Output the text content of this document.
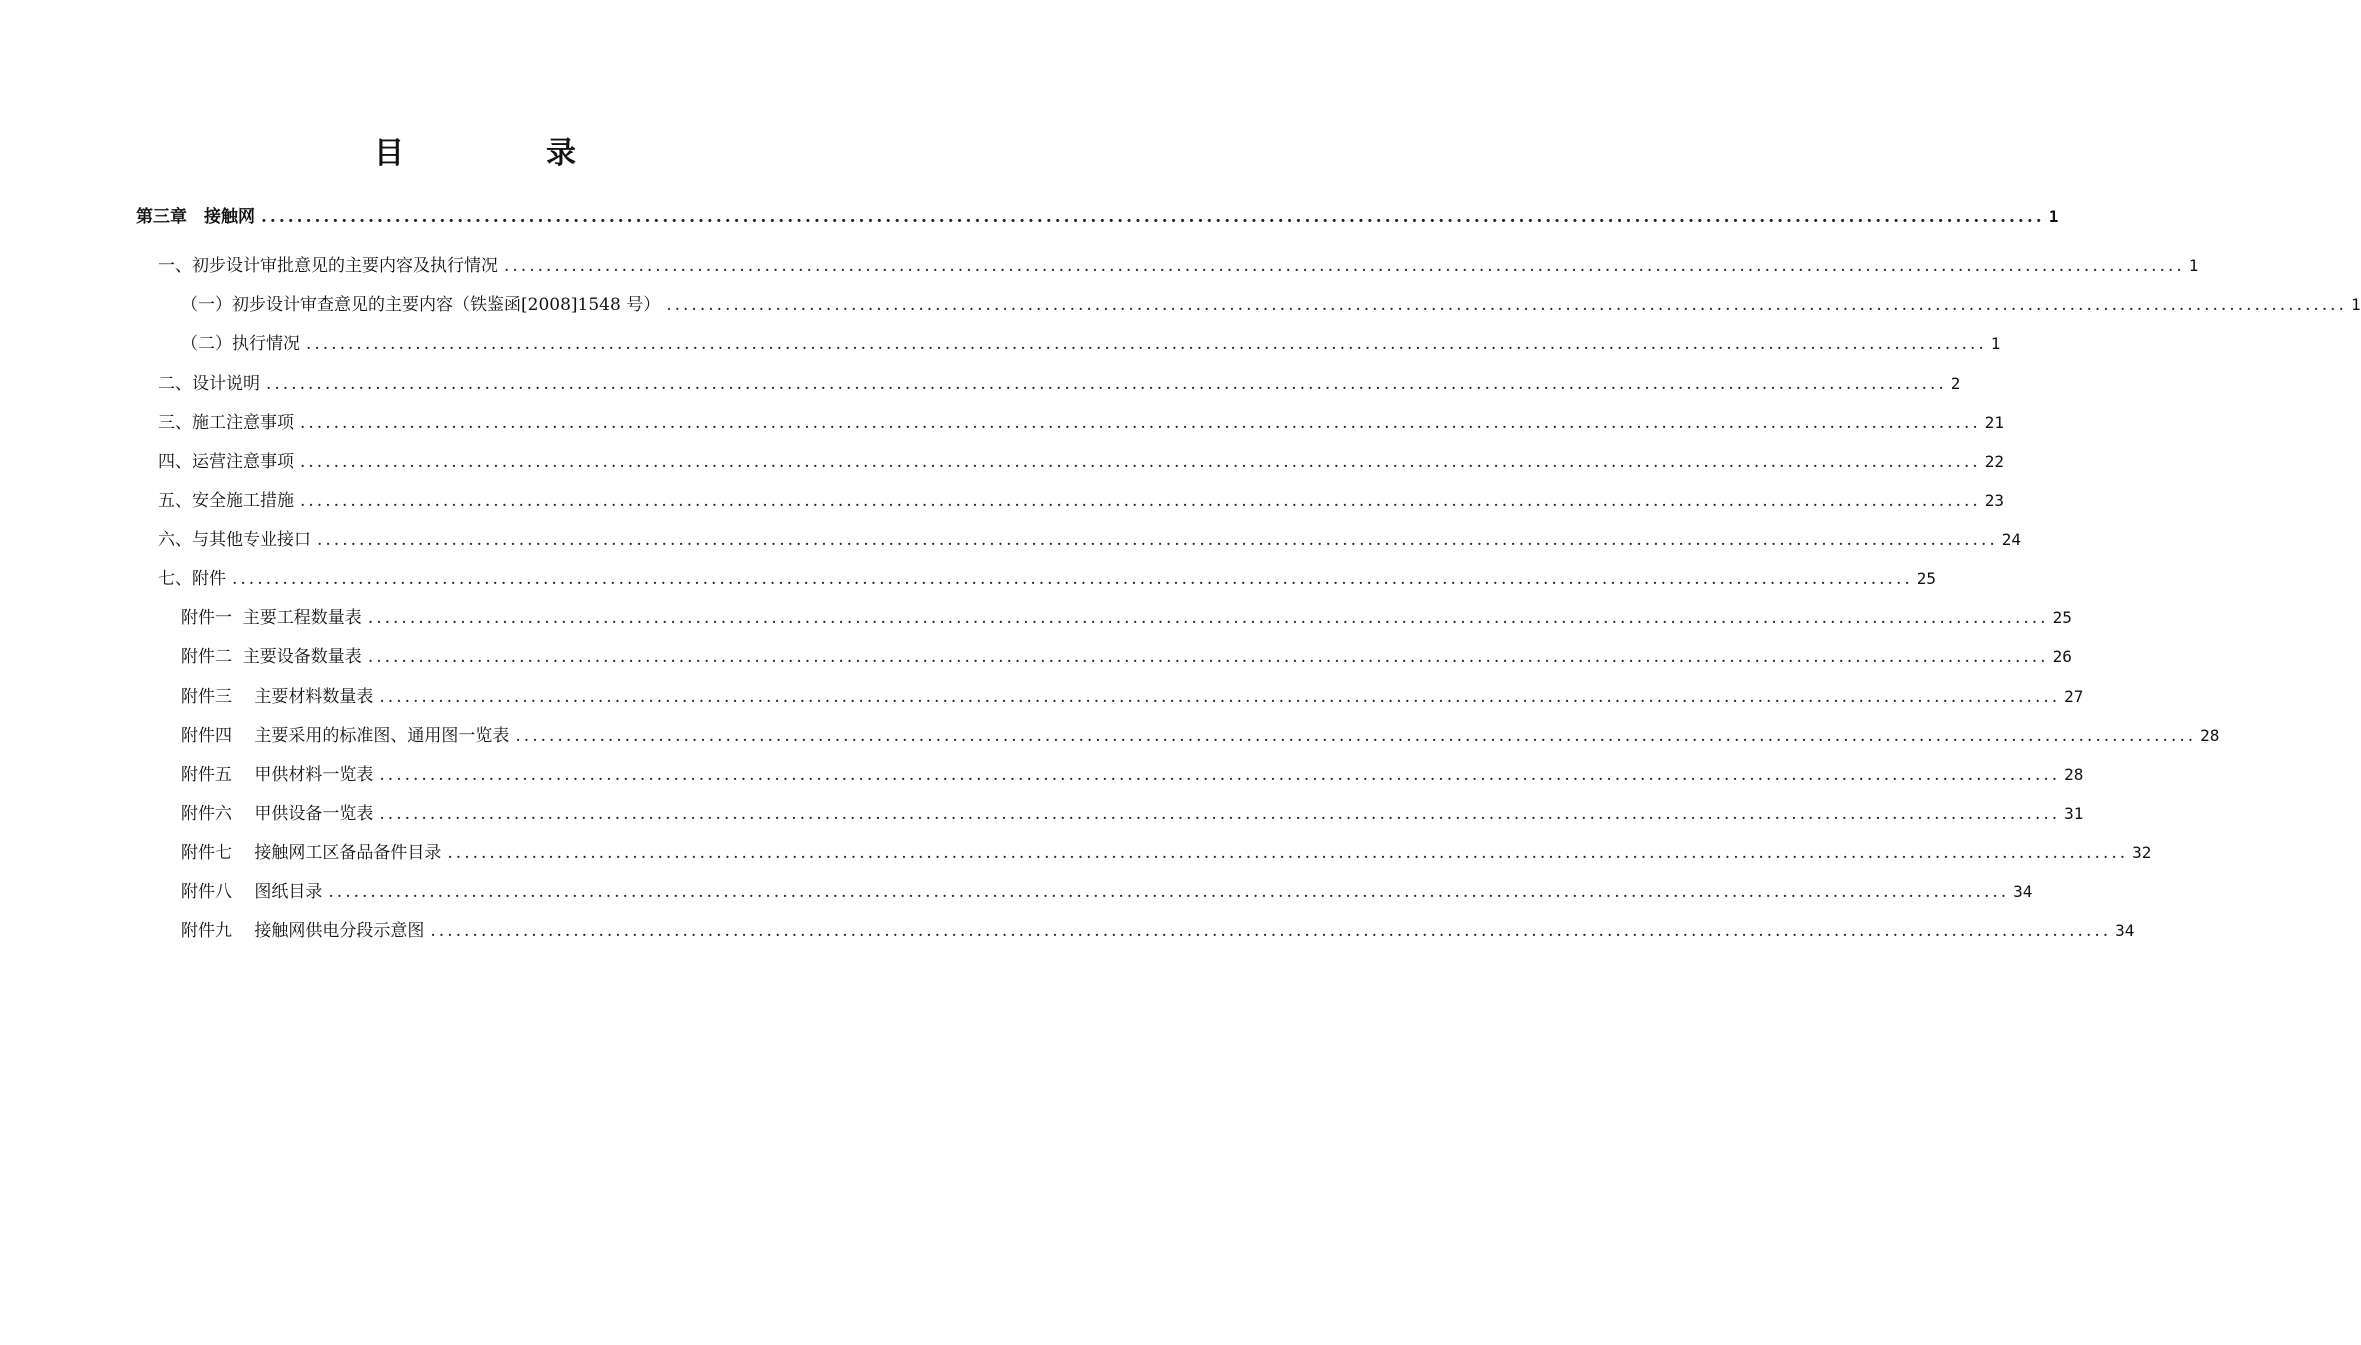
目　录
第三章　接触网 ........................................................................................................................................................................................................ 1
一、初步设计审批意见的主要内容及执行情况 ........................................................................................................................................................................................................ 1
（一）初步设计审查意见的主要内容（铁鉴函[2008]1548 号） ........................................................................................................................................................................................................ 1
（二）执行情况 ........................................................................................................................................................................................................ 1
二、设计说明 ........................................................................................................................................................................................................ 2
三、施工注意事项 ........................................................................................................................................................................................................ 21
四、运营注意事项 ........................................................................................................................................................................................................ 22
五、安全施工措施 ........................................................................................................................................................................................................ 23
六、与其他专业接口 ........................................................................................................................................................................................................ 24
七、附件 ........................................................................................................................................................................................................ 25
附件一  主要工程数量表 ........................................................................................................................................................................................................ 25
附件二  主要设备数量表 ........................................................................................................................................................................................................ 26
附件三　 主要材料数量表 ........................................................................................................................................................................................................ 27
附件四　 主要采用的标准图、通用图一览表 ........................................................................................................................................................................................................ 28
附件五　 甲供材料一览表 ........................................................................................................................................................................................................ 28
附件六　 甲供设备一览表 ........................................................................................................................................................................................................ 31
附件七　 接触网工区备品备件目录 ........................................................................................................................................................................................................ 32
附件八　 图纸目录 ........................................................................................................................................................................................................ 34
附件九　 接触网供电分段示意图 ........................................................................................................................................................................................................ 34
